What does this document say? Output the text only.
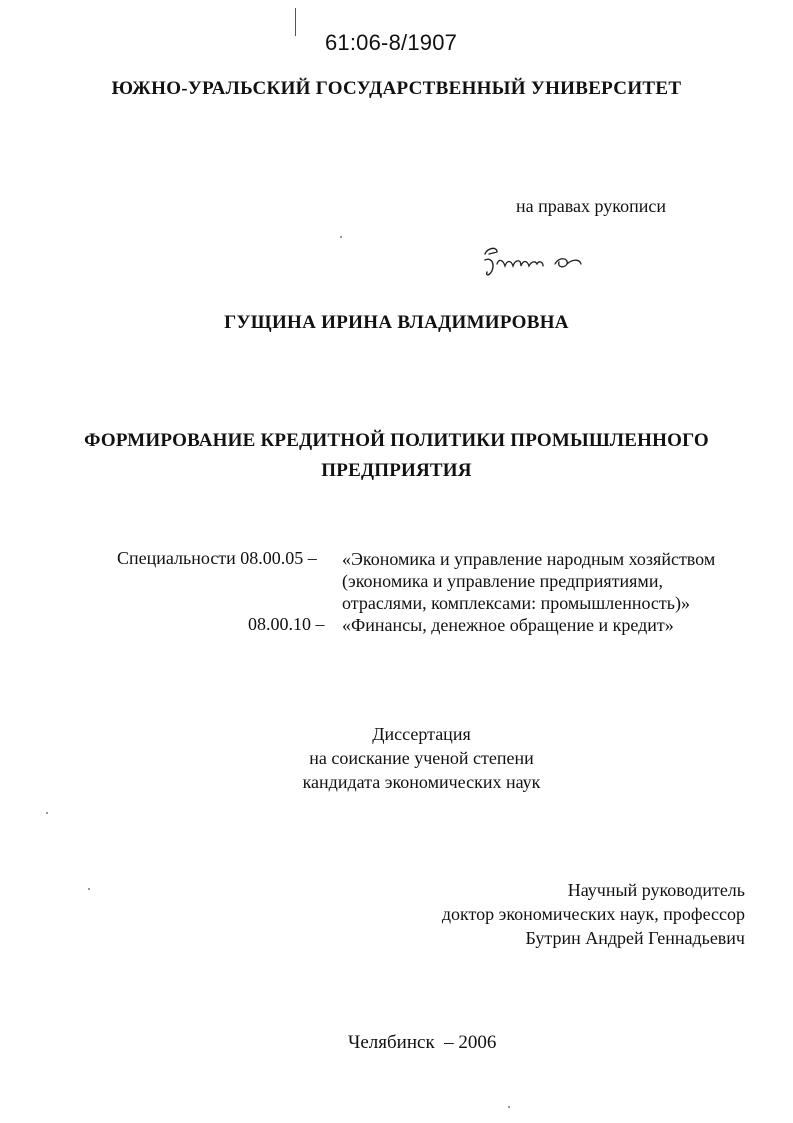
61:06-8/1907
ЮЖНО-УРАЛЬСКИЙ ГОСУДАРСТВЕННЫЙ УНИВЕРСИТЕТ
на правах рукописи
ГУЩИНА ИРИНА ВЛАДИМИРОВНА
ФОРМИРОВАНИЕ КРЕДИТНОЙ ПОЛИТИКИ ПРОМЫШЛЕННОГО
ПРЕДПРИЯТИЯ
Специальности 08.00.05 – «Экономика и управление народным хозяйством
(экономика и управление предприятиями,
отраслями, комплексами: промышленность)»
08.00.10 – «Финансы, денежное обращение и кредит»
Диссертация
на соискание ученой степени
кандидата экономических наук
Научный руководитель
доктор экономических наук, профессор
Бутрин Андрей Геннадьевич
Челябинск – 2006
